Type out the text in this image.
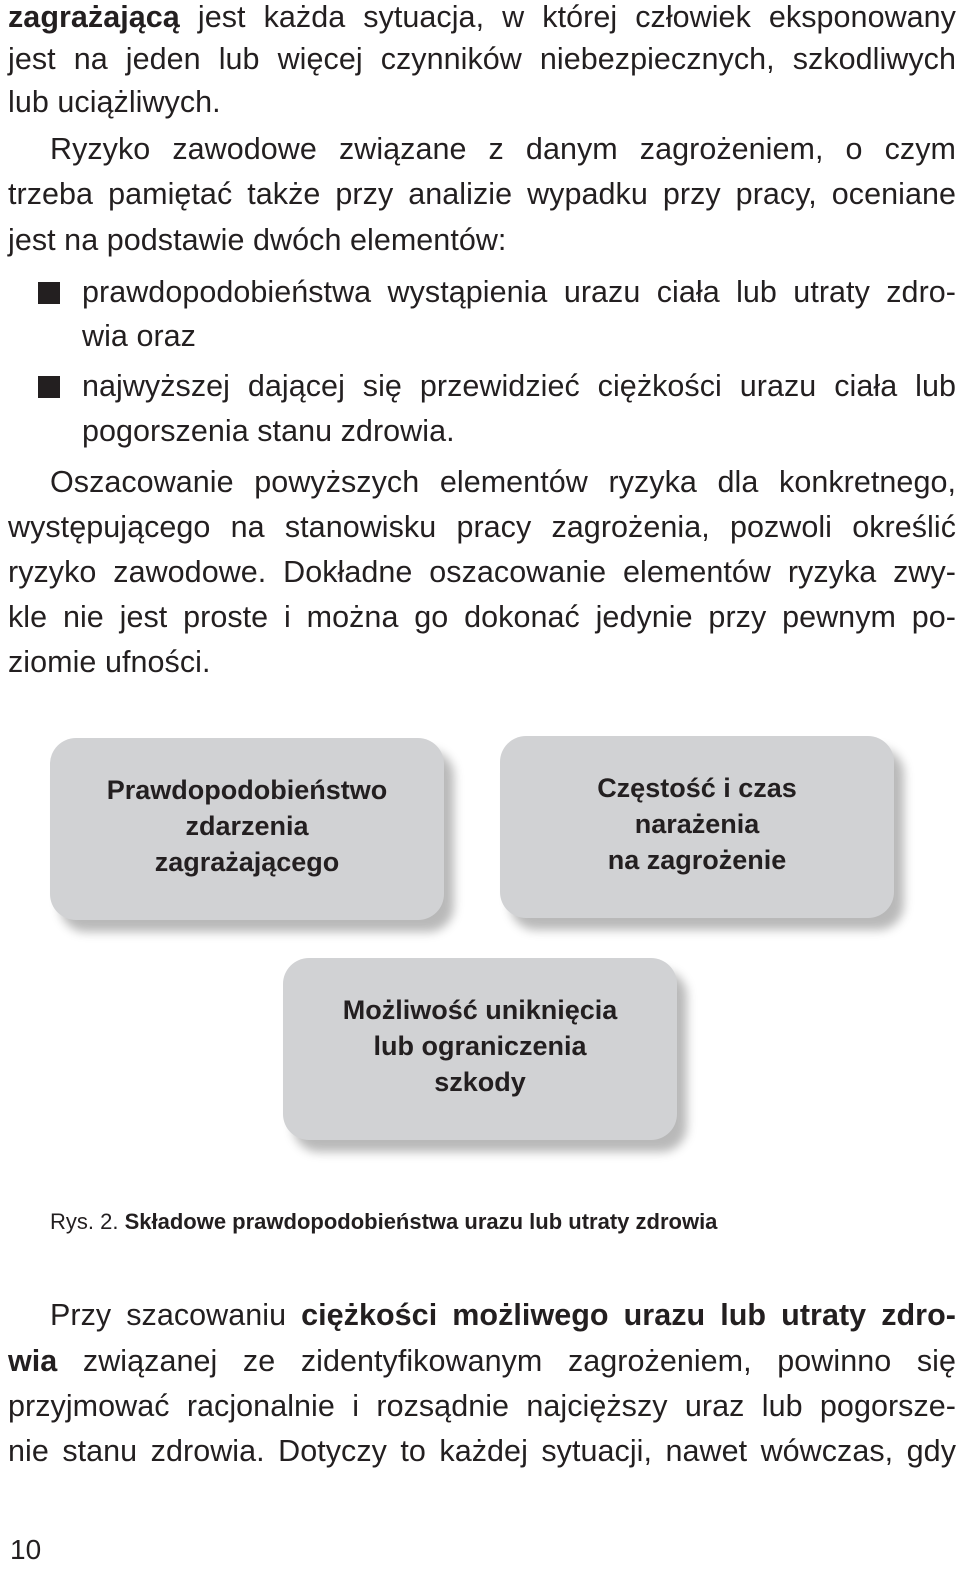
zagrażającą jest każda sytuacja, w której człowiek eksponowany
jest na jeden lub więcej czynników niebezpiecznych, szkodliwych
lub uciążliwych.
Ryzyko zawodowe związane z danym zagrożeniem, o czym
trzeba pamiętać także przy analizie wypadku przy pracy, oceniane
jest na podstawie dwóch elementów:
prawdopodobieństwa wystąpienia urazu ciała lub utraty zdro-
wia oraz
najwyższej dającej się przewidzieć ciężkości urazu ciała lub
pogorszenia stanu zdrowia.
Oszacowanie powyższych elementów ryzyka dla konkretnego,
występującego na stanowisku pracy zagrożenia, pozwoli określić
ryzyko zawodowe. Dokładne oszacowanie elementów ryzyka zwy-
kle nie jest proste i można go dokonać jedynie przy pewnym po-
ziomie ufności.
Prawdopodobieństwo
zdarzenia
zagrażającego
Częstość i czas
narażenia
na zagrożenie
Możliwość uniknięcia
lub ograniczenia
szkody
Rys. 2. Składowe prawdopodobieństwa urazu lub utraty zdrowia
Przy szacowaniu ciężkości możliwego urazu lub utraty zdro-
wia związanej ze zidentyfikowanym zagrożeniem, powinno się
przyjmować racjonalnie i rozsądnie najcięższy uraz lub pogorsze-
nie stanu zdrowia. Dotyczy to każdej sytuacji, nawet wówczas, gdy
10
